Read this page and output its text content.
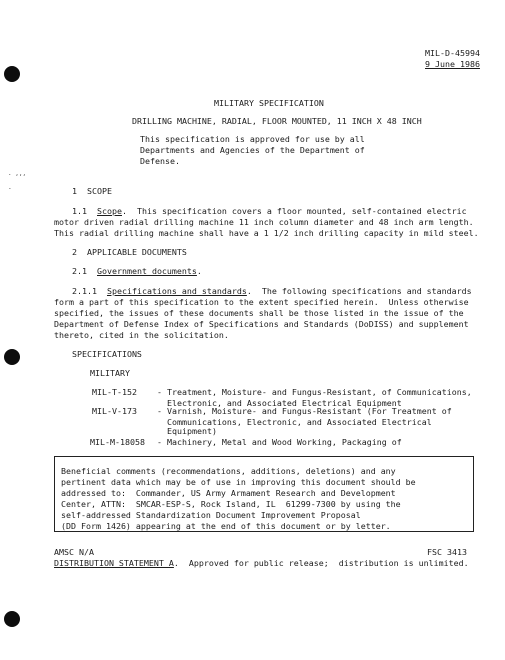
. ,,,
-
MIL-D-45994
9 June 1986
MILITARY SPECIFICATION
DRILLING MACHINE, RADIAL, FLOOR MOUNTED, 11 INCH X 48 INCH
This specification is approved for use by all
Departments and Agencies of the Department of
Defense.
1  SCOPE
1.1 Scope.  This specification covers a floor mounted, self-contained electric
motor driven radial drilling machine 11 inch column diameter and 48 inch arm length.
This radial drilling machine shall have a 1 1/2 inch drilling capacity in mild steel.
2  APPLICABLE DOCUMENTS
2.1 Government documents.
2.1.1 Specifications and standards.  The following specifications and standards
form a part of this specification to the extent specified herein.  Unless otherwise
specified, the issues of these documents shall be those listed in the issue of the
Department of Defense Index of Specifications and Standards (DoDISS) and supplement
thereto, cited in the solicitation.
SPECIFICATIONS
MILITARY
MIL-T-152 - Treatment, Moisture- and Fungus-Resistant, of Communications,
Electronic, and Associated Electrical Equipment
MIL-V-173 - Varnish, Moisture- and Fungus-Resistant (For Treatment of
Communications, Electronic, and Associated Electrical
Equipment)
MIL-M-18058 - Machinery, Metal and Wood Working, Packaging of
Beneficial comments (recommendations, additions, deletions) and any
pertinent data which may be of use in improving this document should be
addressed to:  Commander, US Army Armament Research and Development
Center, ATTN:  SMCAR-ESP-S, Rock Island, IL  61299-7300 by using the
self-addressed Standardization Document Improvement Proposal
(DD Form 1426) appearing at the end of this document or by letter.
AMSC N/A	FSC 3413
DISTRIBUTION STATEMENT A.  Approved for public release;  distribution is unlimited.
